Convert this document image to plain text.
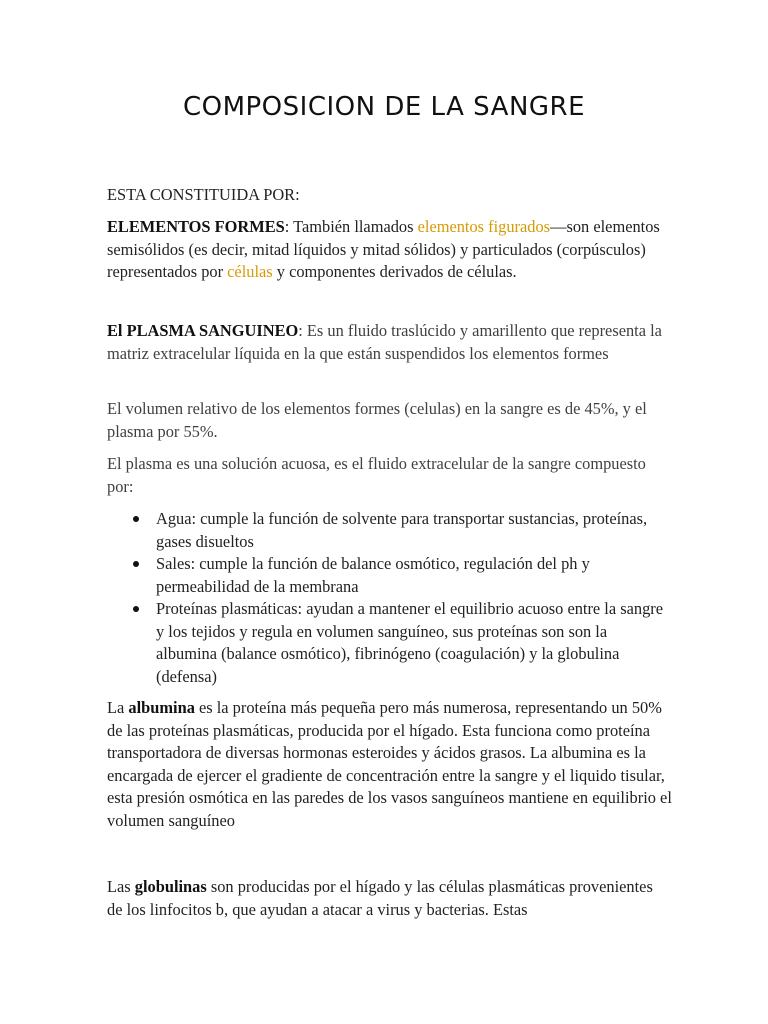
COMPOSICION DE LA SANGRE

ESTA CONSTITUIDA POR:

ELEMENTOS FORMES: También llamados elementos figurados—son elementos semisólidos (es decir, mitad líquidos y mitad sólidos) y particulados (corpúsculos) representados por células y componentes derivados de células.

El PLASMA SANGUINEO: Es un fluido traslúcido y amarillento que representa la matriz extracelular líquida en la que están suspendidos los elementos formes

El volumen relativo de los elementos formes (celulas) en la sangre es de 45%, y el plasma por 55%.

El plasma es una solución acuosa, es el fluido extracelular de la sangre compuesto por:

Agua: cumple la función de solvente para transportar sustancias, proteínas, gases disueltos
Sales: cumple la función de balance osmótico, regulación del ph y permeabilidad de la membrana
Proteínas plasmáticas: ayudan a mantener el equilibrio acuoso entre la sangre y los tejidos y regula en volumen sanguíneo, sus proteínas son son la albumina (balance osmótico), fibrinógeno (coagulación) y la globulina (defensa)

La albumina es la proteína más pequeña pero más numerosa, representando un 50% de las proteínas plasmáticas, producida por el hígado. Esta funciona como proteína transportadora de diversas hormonas esteroides y ácidos grasos. La albumina es la encargada de ejercer el gradiente de concentración entre la sangre y el liquido tisular, esta presión osmótica en las paredes de los vasos sanguíneos mantiene en equilibrio el volumen sanguíneo

Las globulinas son producidas por el hígado y las células plasmáticas provenientes de los linfocitos b, que ayudan a atacar a virus y bacterias. Estas
